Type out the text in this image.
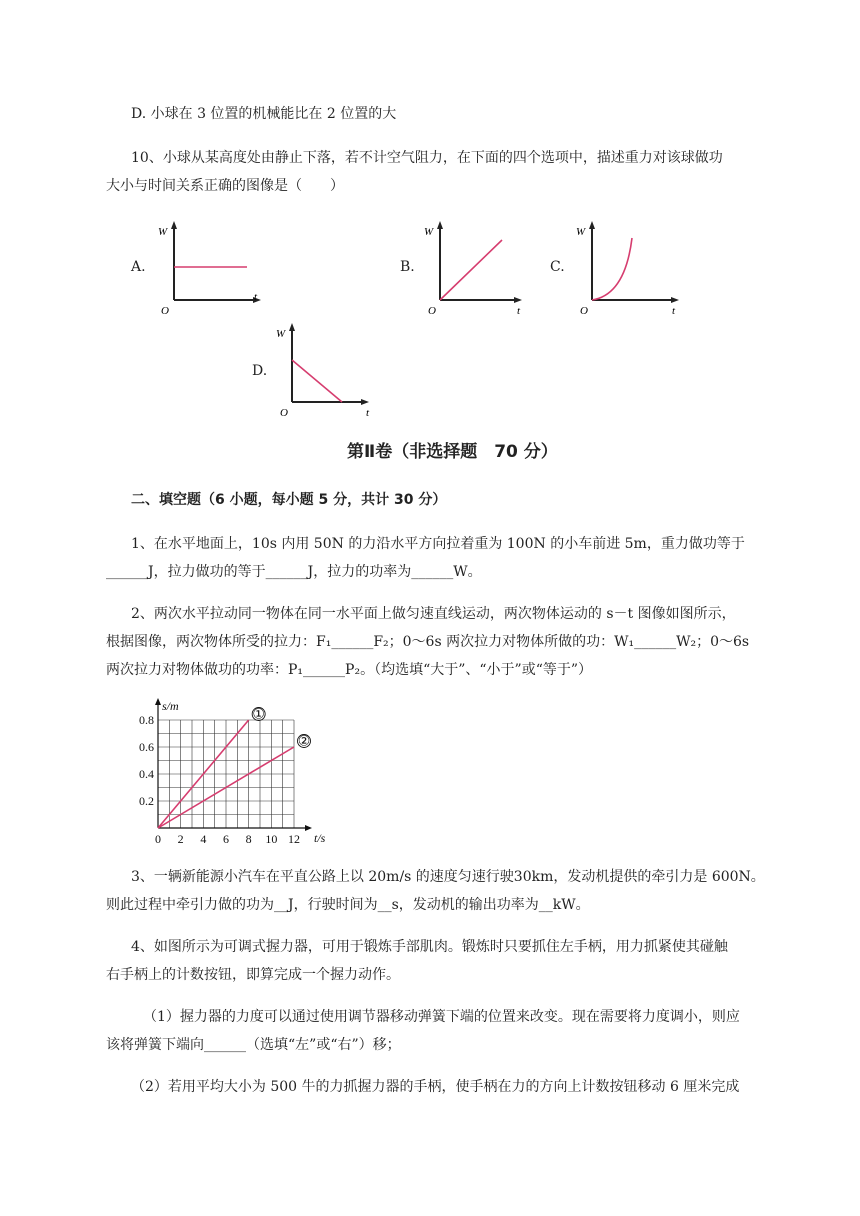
D. 小球在 3 位置的机械能比在 2 位置的大
10、小球从某高度处由静止下落，若不计空气阻力，在下面的四个选项中，描述重力对该球做功
大小与时间关系正确的图像是（　　）
A.
W
t
O
B.
W
t
O
C.
W
t
O
D.
W
t
O
第Ⅱ卷（非选择题　70 分）
二、填空题（6 小题，每小题 5 分，共计 30 分）
1、在水平地面上，10s 内用 50N 的力沿水平方向拉着重为 100N 的小车前进 5m，重力做功等于
______J，拉力做功的等于______J，拉力的功率为______W。
2、两次水平拉动同一物体在同一水平面上做匀速直线运动，两次物体运动的 s－t 图像如图所示，
根据图像，两次物体所受的拉力：F₁______F₂；0～6s 两次拉力对物体所做的功：W₁______W₂；0～6s
两次拉力对物体做功的功率：P₁______P₂。（均选填“大于”、“小于”或“等于”）
0 2 4 6 8 10 12
0.2
0.4
0.6
0.8
s/m
t/s
①
②
3、一辆新能源小汽车在平直公路上以 20m/s 的速度匀速行驶30km，发动机提供的牵引力是 600N。
则此过程中牵引力做的功为__J，行驶时间为__s，发动机的输出功率为__kW。
4、如图所示为可调式握力器，可用于锻炼手部肌肉。锻炼时只要抓住左手柄，用力抓紧使其碰触
右手柄上的计数按钮，即算完成一个握力动作。
（1）握力器的力度可以通过使用调节器移动弹簧下端的位置来改变。现在需要将力度调小，则应
该将弹簧下端向______（选填“左”或“右”）移；
（2）若用平均大小为 500 牛的力抓握力器的手柄，使手柄在力的方向上计数按钮移动 6 厘米完成
